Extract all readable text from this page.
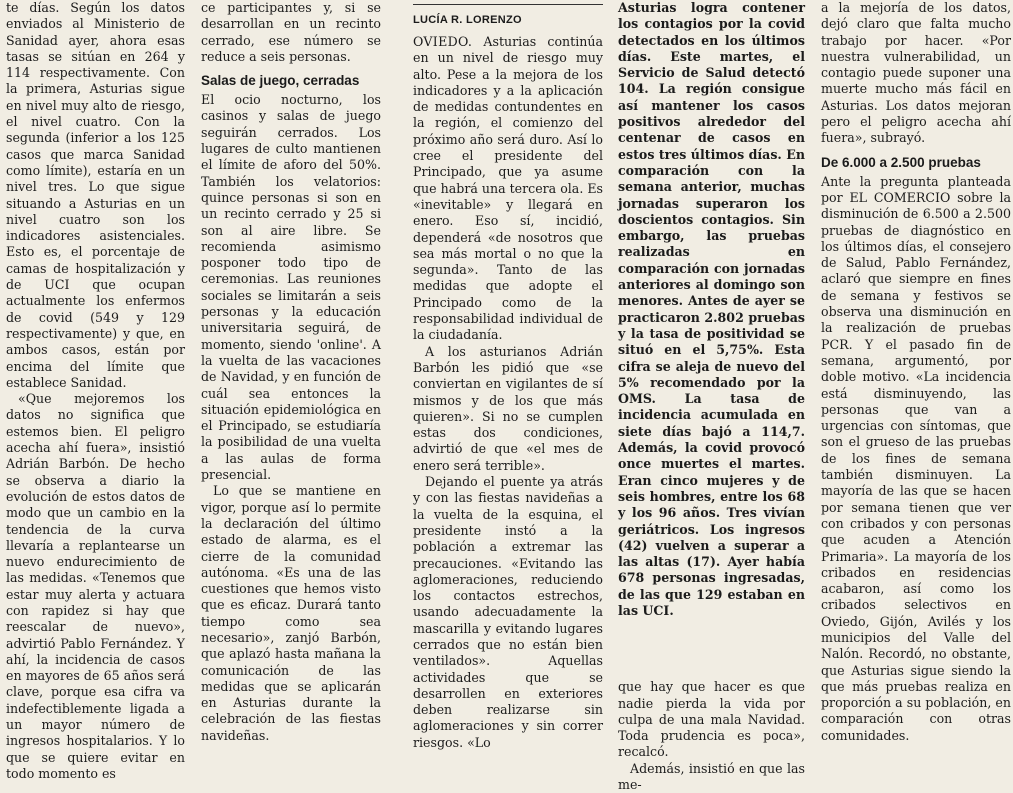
te días. Según los datos enviados al Ministerio de Sanidad ayer, ahora esas tasas se sitúan en 264 y 114 respectivamente. Con la primera, Asturias sigue en nivel muy alto de riesgo, el nivel cuatro. Con la segunda (inferior a los 125 casos que marca Sanidad como límite), estaría en un nivel tres. Lo que sigue situando a Asturias en un nivel cuatro son los indicadores asistenciales. Esto es, el porcentaje de camas de hospitalización y de UCI que ocupan actualmente los enfermos de covid (549 y 129 respectivamente) y que, en ambos casos, están por encima del límite que establece Sanidad.

«Que mejoremos los datos no significa que estemos bien. El peligro acecha ahí fuera», insistió Adrián Barbón. De hecho se observa a diario la evolución de estos datos de modo que un cambio en la tendencia de la curva llevaría a replantearse un nuevo endurecimiento de las medidas. «Tenemos que estar muy alerta y actuara con rapidez si hay que reescalar de nuevo», advirtió Pablo Fernández. Y ahí, la incidencia de casos en mayores de 65 años será clave, porque esa cifra va indefectiblemente ligada a un mayor número de ingresos hospitalarios. Y lo que se quiere evitar en todo momento es

ce participantes y, si se desarrollan en un recinto cerrado, ese número se reduce a seis personas.

Salas de juego, cerradas

El ocio nocturno, los casinos y salas de juego seguirán cerrados. Los lugares de culto mantienen el límite de aforo del 50%. También los velatorios: quince personas si son en un recinto cerrado y 25 si son al aire libre. Se recomienda asimismo posponer todo tipo de ceremonias. Las reuniones sociales se limitarán a seis personas y la educación universitaria seguirá, de momento, siendo 'online'. A la vuelta de las vacaciones de Navidad, y en función de cuál sea entonces la situación epidemiológica en el Principado, se estudiaría la posibilidad de una vuelta a las aulas de forma presencial.

Lo que se mantiene en vigor, porque así lo permite la declaración del último estado de alarma, es el cierre de la comunidad autónoma. «Es una de las cuestiones que hemos visto que es eficaz. Durará tanto tiempo como sea necesario», zanjó Barbón, que aplazó hasta mañana la comunicación de las medidas que se aplicarán en Asturias durante la celebración de las fiestas navideñas.

LUCÍA R. LORENZO

OVIEDO. Asturias continúa en un nivel de riesgo muy alto. Pese a la mejora de los indicadores y a la aplicación de medidas contundentes en la región, el comienzo del próximo año será duro. Así lo cree el presidente del Principado, que ya asume que habrá una tercera ola. Es «inevitable» y llegará en enero. Eso sí, incidió, dependerá «de nosotros que sea más mortal o no que la segunda». Tanto de las medidas que adopte el Principado como de la responsabilidad individual de la ciudadanía.

A los asturianos Adrián Barbón les pidió que «se conviertan en vigilantes de sí mismos y de los que más quieren». Si no se cumplen estas dos condiciones, advirtió de que «el mes de enero será terrible».

Dejando el puente ya atrás y con las fiestas navideñas a la vuelta de la esquina, el presidente instó a la población a extremar las precauciones. «Evitando las aglomeraciones, reduciendo los contactos estrechos, usando adecuadamente la mascarilla y evitando lugares cerrados que no están bien ventilados». Aquellas actividades que se desarrollen en exteriores deben realizarse sin aglomeraciones y sin correr riesgos. «Lo

Asturias logra contener los contagios por la covid detectados en los últimos días. Este martes, el Servicio de Salud detectó 104. La región consigue así mantener los casos positivos alrededor del centenar de casos en estos tres últimos días. En comparación con la semana anterior, muchas jornadas superaron los doscientos contagios. Sin embargo, las pruebas realizadas en comparación con jornadas anteriores al domingo son menores. Antes de ayer se practicaron 2.802 pruebas y la tasa de positividad se situó en el 5,75%. Esta cifra se aleja de nuevo del 5% recomendado por la OMS. La tasa de incidencia acumulada en siete días bajó a 114,7. Además, la covid provocó once muertes el martes. Eran cinco mujeres y de seis hombres, entre los 68 y los 96 años. Tres vivían geriátricos. Los ingresos (42) vuelven a superar a las altas (17). Ayer había 678 personas ingresadas, de las que 129 estaban en las UCI.

que hay que hacer es que nadie pierda la vida por culpa de una mala Navidad. Toda prudencia es poca», recalcó.

Además, insistió en que las me-

a la mejoría de los datos, dejó claro que falta mucho trabajo por hacer. «Por nuestra vulnerabilidad, un contagio puede suponer una muerte mucho más fácil en Asturias. Los datos mejoran pero el peligro acecha ahí fuera», subrayó.

De 6.000 a 2.500 pruebas

Ante la pregunta planteada por EL COMERCIO sobre la disminución de 6.500 a 2.500 pruebas de diagnóstico en los últimos días, el consejero de Salud, Pablo Fernández, aclaró que siempre en fines de semana y festivos se observa una disminución en la realización de pruebas PCR. Y el pasado fin de semana, argumentó, por doble motivo. «La incidencia está disminuyendo, las personas que van a urgencias con síntomas, que son el grueso de las pruebas de los fines de semana también disminuyen. La mayoría de las que se hacen por semana tienen que ver con cribados y con personas que acuden a Atención Primaria». La mayoría de los cribados en residencias acabaron, así como los cribados selectivos en Oviedo, Gijón, Avilés y los municipios del Valle del Nalón. Recordó, no obstante, que Asturias sigue siendo la que más pruebas realiza en proporción a su población, en comparación con otras comunidades.
